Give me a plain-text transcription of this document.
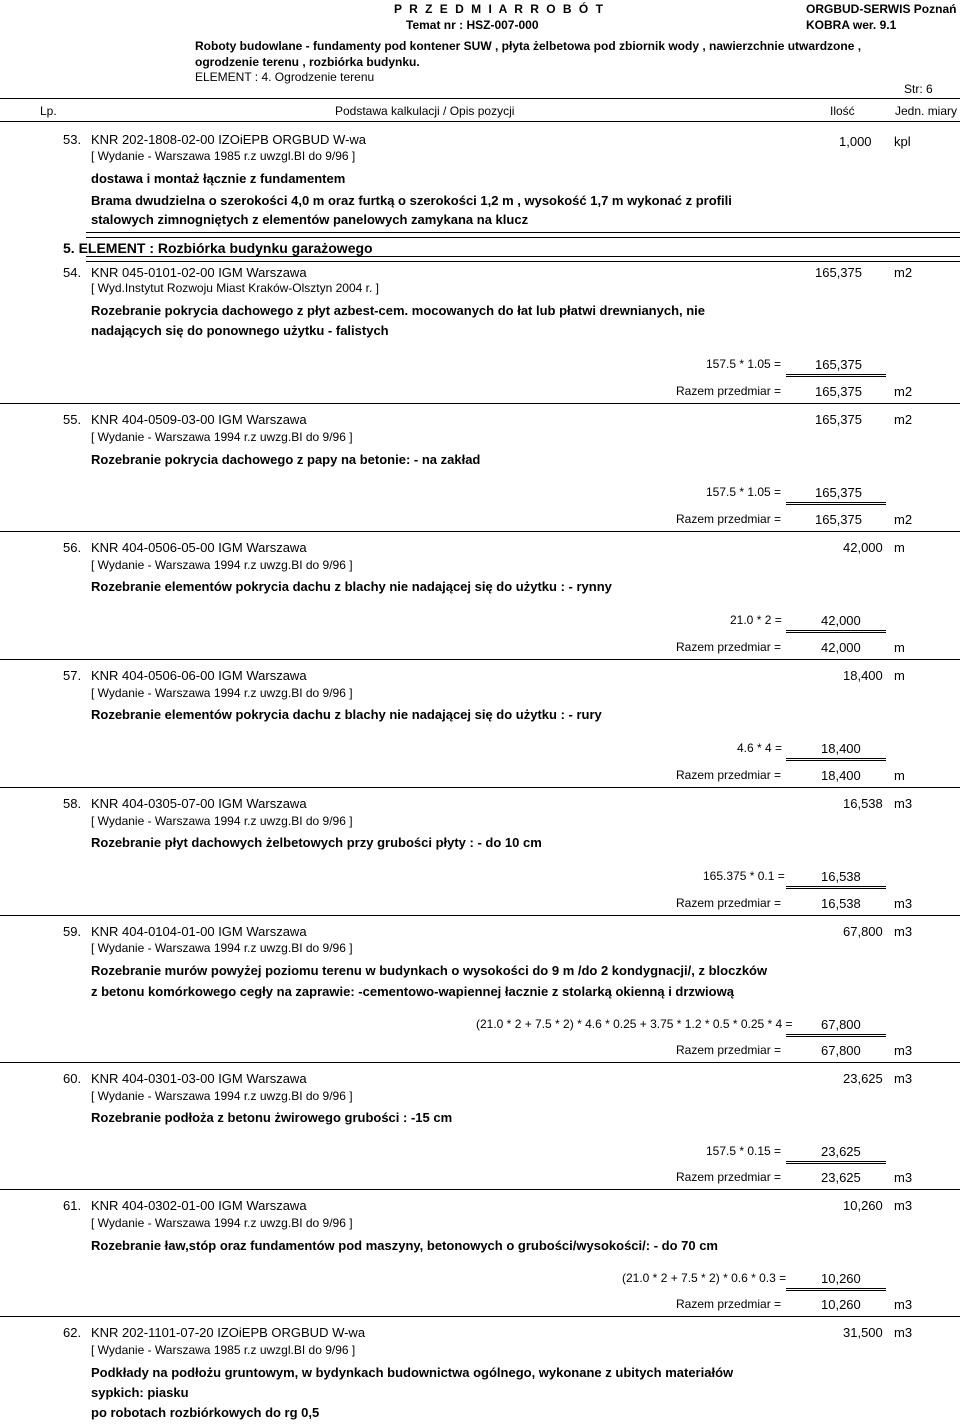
P R Z E D M I A R R O B Ó T	ORGBUD-SERWIS Poznań
Temat nr : HSZ-007-000	KOBRA wer. 9.1
Roboty budowlane - fundamenty pod kontener SUW , płyta żelbetowa pod zbiornik wody , nawierzchnie utwardzone ,
ogrodzenie terenu , rozbiórka budynku.
ELEMENT : 4. Ogrodzenie terenu
Str: 6
Lp.	Podstawa kalkulacji / Opis pozycji	Ilość	Jedn. miary
53. KNR 202-1808-02-00 IZOiEPB ORGBUD W-wa	1,000 kpl
[ Wydanie - Warszawa 1985 r.z uwzgl.BI do 9/96 ]
dostawa i montaż łącznie z fundamentem
Brama dwudzielna o szerokości 4,0 m oraz furtką o szerokości 1,2 m , wysokość 1,7 m wykonać z profili
stalowych zimnogniętych z elementów panelowych zamykana na klucz
5. ELEMENT : Rozbiórka budynku garażowego
54. KNR 045-0101-02-00 IGM Warszawa	165,375 m2
[ Wyd.Instytut Rozwoju Miast Kraków-Olsztyn 2004 r. ]
Rozebranie pokrycia dachowego z płyt azbest-cem. mocowanych do łat lub płatwi drewnianych, nie
nadających się do ponownego użytku - falistych
157.5 * 1.05 =	165,375
Razem przedmiar =	165,375 m2
55. KNR 404-0509-03-00 IGM Warszawa	165,375 m2
[ Wydanie - Warszawa 1994 r.z uwzg.BI do 9/96 ]
Rozebranie pokrycia dachowego z papy na betonie: - na zakład
157.5 * 1.05 =	165,375
Razem przedmiar =	165,375 m2
56. KNR 404-0506-05-00 IGM Warszawa	42,000 m
[ Wydanie - Warszawa 1994 r.z uwzg.BI do 9/96 ]
Rozebranie elementów pokrycia dachu z blachy nie nadającej się do użytku : - rynny
21.0 * 2 =	42,000
Razem przedmiar =	42,000	m
57. KNR 404-0506-06-00 IGM Warszawa	18,400 m
[ Wydanie - Warszawa 1994 r.z uwzg.BI do 9/96 ]
Rozebranie elementów pokrycia dachu z blachy nie nadającej się do użytku : - rury
4.6 * 4 =	18,400
Razem przedmiar =	18,400	m
58. KNR 404-0305-07-00 IGM Warszawa	16,538 m3
[ Wydanie - Warszawa 1994 r.z uwzg.BI do 9/96 ]
Rozebranie płyt dachowych żelbetowych przy grubości płyty : - do 10 cm
165.375 * 0.1 =	16,538
Razem przedmiar =	16,538	m3
59. KNR 404-0104-01-00 IGM Warszawa	67,800 m3
[ Wydanie - Warszawa 1994 r.z uwzg.BI do 9/96 ]
Rozebranie murów powyżej poziomu terenu w budynkach o wysokości do 9 m /do 2 kondygnacji/, z bloczków
z betonu komórkowego cegły na zaprawie: -cementowo-wapiennej łacznie z stolarką okienną i drzwiową
(21.0 * 2 + 7.5 * 2) * 4.6 * 0.25 + 3.75 * 1.2 * 0.5 * 0.25 * 4 = 67,800
Razem przedmiar =	67,800	m3
60. KNR 404-0301-03-00 IGM Warszawa	23,625 m3
[ Wydanie - Warszawa 1994 r.z uwzg.BI do 9/96 ]
Rozebranie podłoża z betonu żwirowego grubości : -15 cm
157.5 * 0.15 =	23,625
Razem przedmiar =	23,625	m3
61. KNR 404-0302-01-00 IGM Warszawa	10,260 m3
[ Wydanie - Warszawa 1994 r.z uwzg.BI do 9/96 ]
Rozebranie ław,stóp oraz fundamentów pod maszyny, betonowych o grubości/wysokości/: - do 70 cm
(21.0 * 2 + 7.5 * 2) * 0.6 * 0.3 =	10,260
Razem przedmiar =	10,260	m3
62. KNR 202-1101-07-20 IZOiEPB ORGBUD W-wa	31,500 m3
[ Wydanie - Warszawa 1985 r.z uwzgl.BI do 9/96 ]
Podkłady na podłożu gruntowym, w bydynkach budownictwa ogólnego, wykonane z ubitych materiałów
sypkich: piasku
po robotach rozbiórkowych do rg 0,5
